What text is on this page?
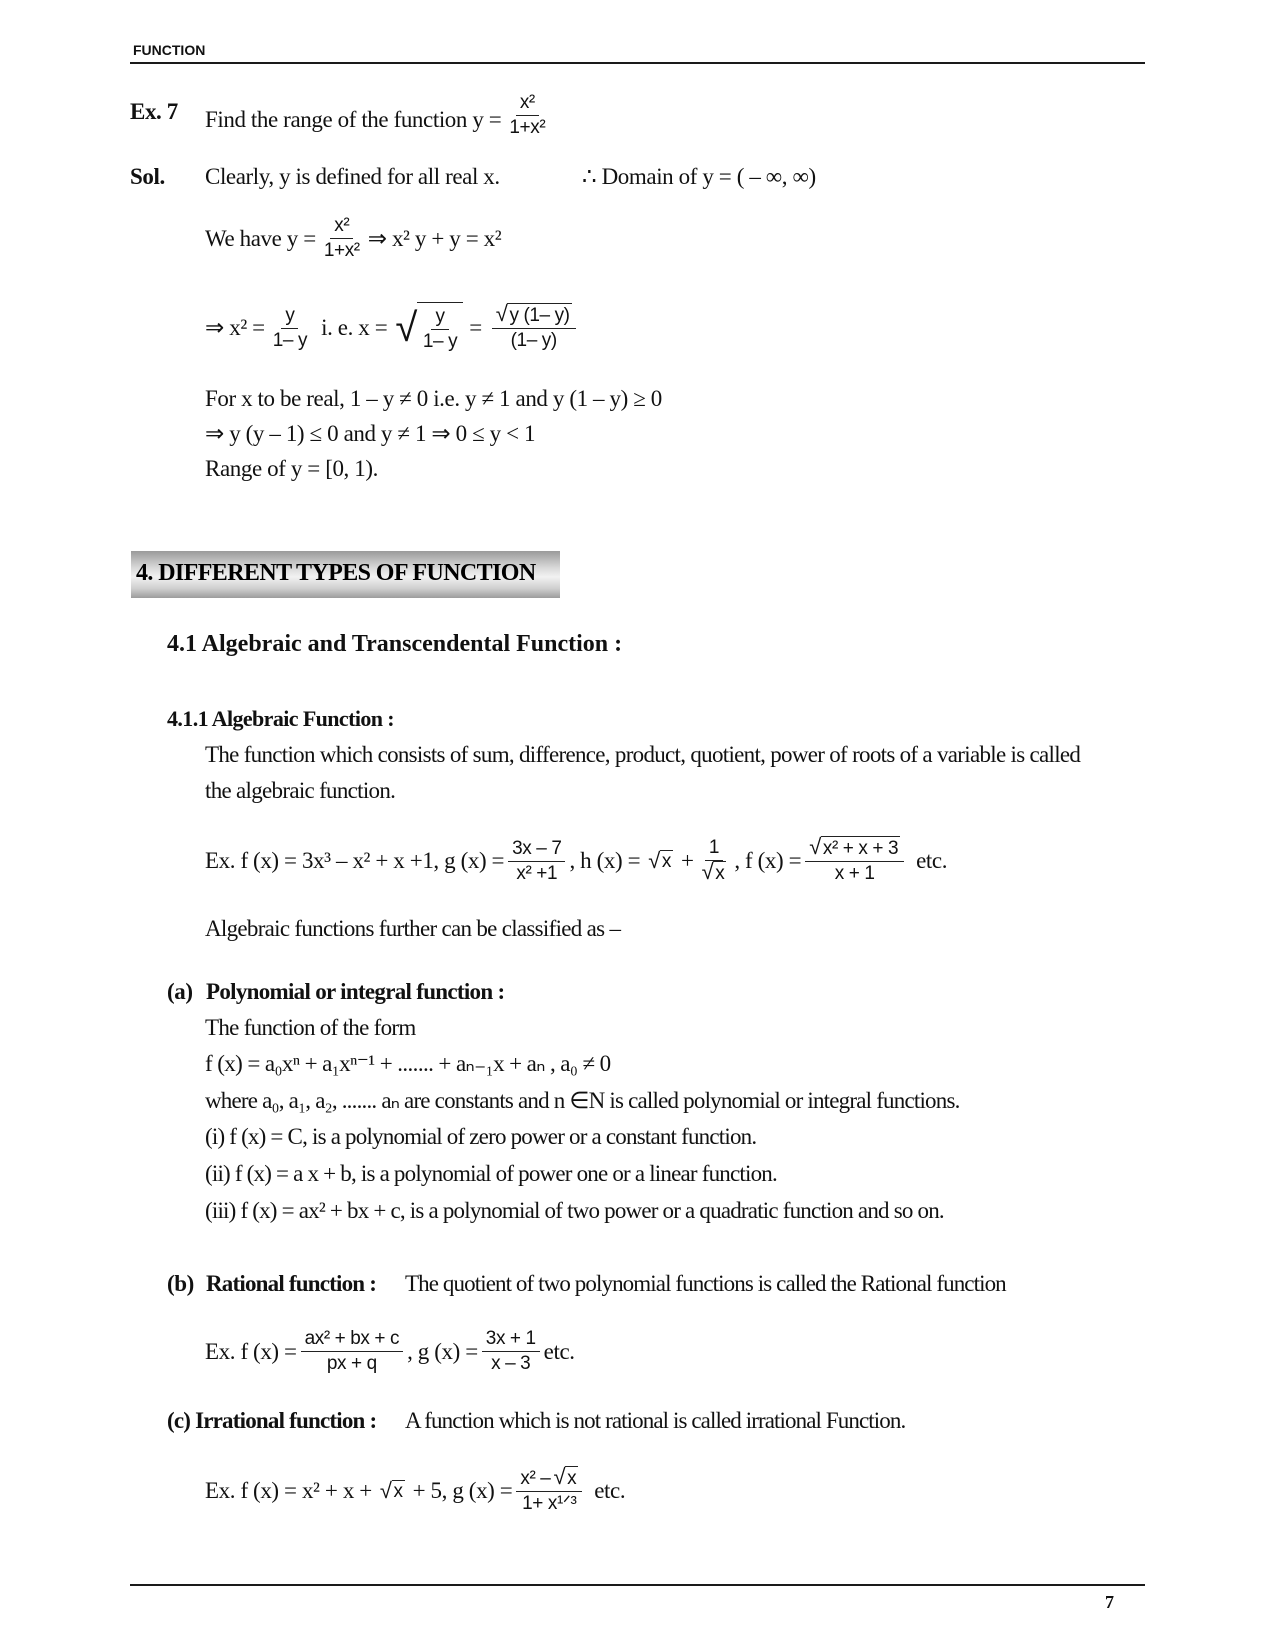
FUNCTION
Ex. 7 Find the range of the function $y = \frac{\text{x²}}{\text{1+x²}}$
Sol. Clearly, y is defined for all real x.	∴ Domain of y = ( – ∞, ∞)
We have $y = \frac{\text{x²}}{\text{1+x²}}$ ⇒ x² y + y = x²
⇒ $x^2 = \frac{y}{1- y} i$. e. x = √ $\frac{y}{1- y} = \frac{√ y (1- y)}{(1- y)}$
For x to be real, 1 – y ≠ 0 i.e. y ≠ 1 and y (1 – y) ≥ 0
⇒ y (y – 1) ≤ 0 and y ≠ 1 ⇒ 0 ≤ y < 1
Range of y = [0, 1).
4. DIFFERENT TYPES OF FUNCTION
4.1 Algebraic and Transcendental Function :
4.1.1 Algebraic Function :
The function which consists of sum, difference, product, quotient, power of roots of a variable is called
the algebraic function.
Ex. f (x) = 3x³ – x² + x +1, g $(x) = \frac{3x - 7}{\text{x² +1}}$ , h (x) = √ $x + \frac{1}{√ x}$ , f $(x) = \frac{\text{√ x² + x + 3}}{x + 1}$ etc.
Algebraic functions further can be classified as –
(a) Polynomial or integral function :
The function of the form
f (x) = a₀xⁿ + a₁xⁿ⁻¹ + ....... + aₙ₋₁x + aₙ , a₀ ≠ 0
where a₀, a₁, a₂, ....... aₙ are constants and n ∈N is called polynomial or integral functions.
(i) f (x) = C, is a polynomial of zero power or a constant function.
(ii) f (x) = a x + b, is a polynomial of power one or a linear function.
(iii) f (x) = ax² + bx + c, is a polynomial of two power or a quadratic function and so on.
(b) Rational function : The quotient of two polynomial functions is called the Rational function
Ex. f $(x) = \frac{\text{ax² + bx + c}}{px + q}$ , g $(x) = \frac{3x + 1}{x - 3}$ etc.
(c) Irrational function : A function which is not rational is called irrational Function.
Ex. f (x) = x² + x + √ x + 5, g $(x) = \frac{\text{x² – √ x}}{\text{1+ x¹ᐟ³}}$ etc.
7
